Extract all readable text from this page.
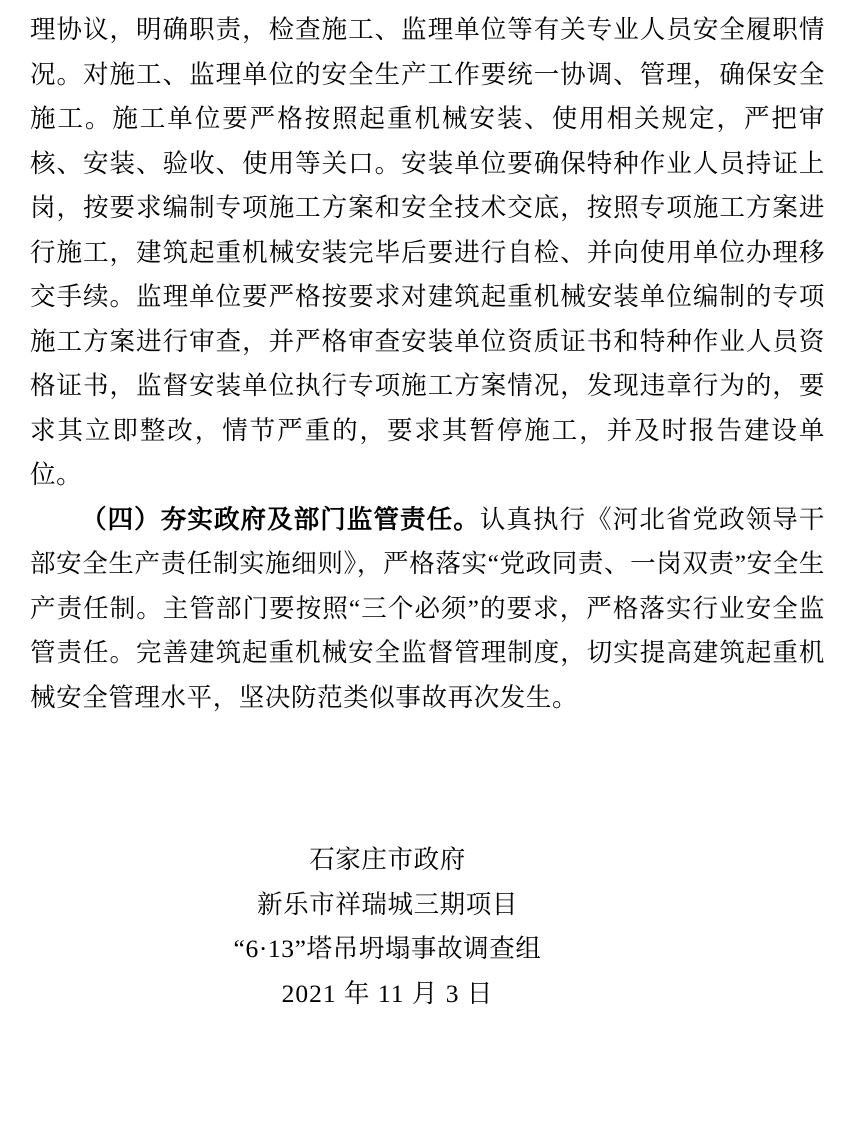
理协议，明确职责，检查施工、监理单位等有关专业人员安全履职情况。对施工、监理单位的安全生产工作要统一协调、管理，确保安全施工。施工单位要严格按照起重机械安装、使用相关规定，严把审核、安装、验收、使用等关口。安装单位要确保特种作业人员持证上岗，按要求编制专项施工方案和安全技术交底，按照专项施工方案进行施工，建筑起重机械安装完毕后要进行自检、并向使用单位办理移交手续。监理单位要严格按要求对建筑起重机械安装单位编制的专项施工方案进行审查，并严格审查安装单位资质证书和特种作业人员资格证书，监督安装单位执行专项施工方案情况，发现违章行为的，要求其立即整改，情节严重的，要求其暂停施工，并及时报告建设单位。

（四）夯实政府及部门监管责任。认真执行《河北省党政领导干部安全生产责任制实施细则》，严格落实“党政同责、一岗双责”安全生产责任制。主管部门要按照“三个必须”的要求，严格落实行业安全监管责任。完善建筑起重机械安全监督管理制度，切实提高建筑起重机械安全管理水平，坚决防范类似事故再次发生。

石家庄市政府
新乐市祥瑞城三期项目
“6·13”塔吊坍塌事故调查组
2021 年 11 月 3 日
